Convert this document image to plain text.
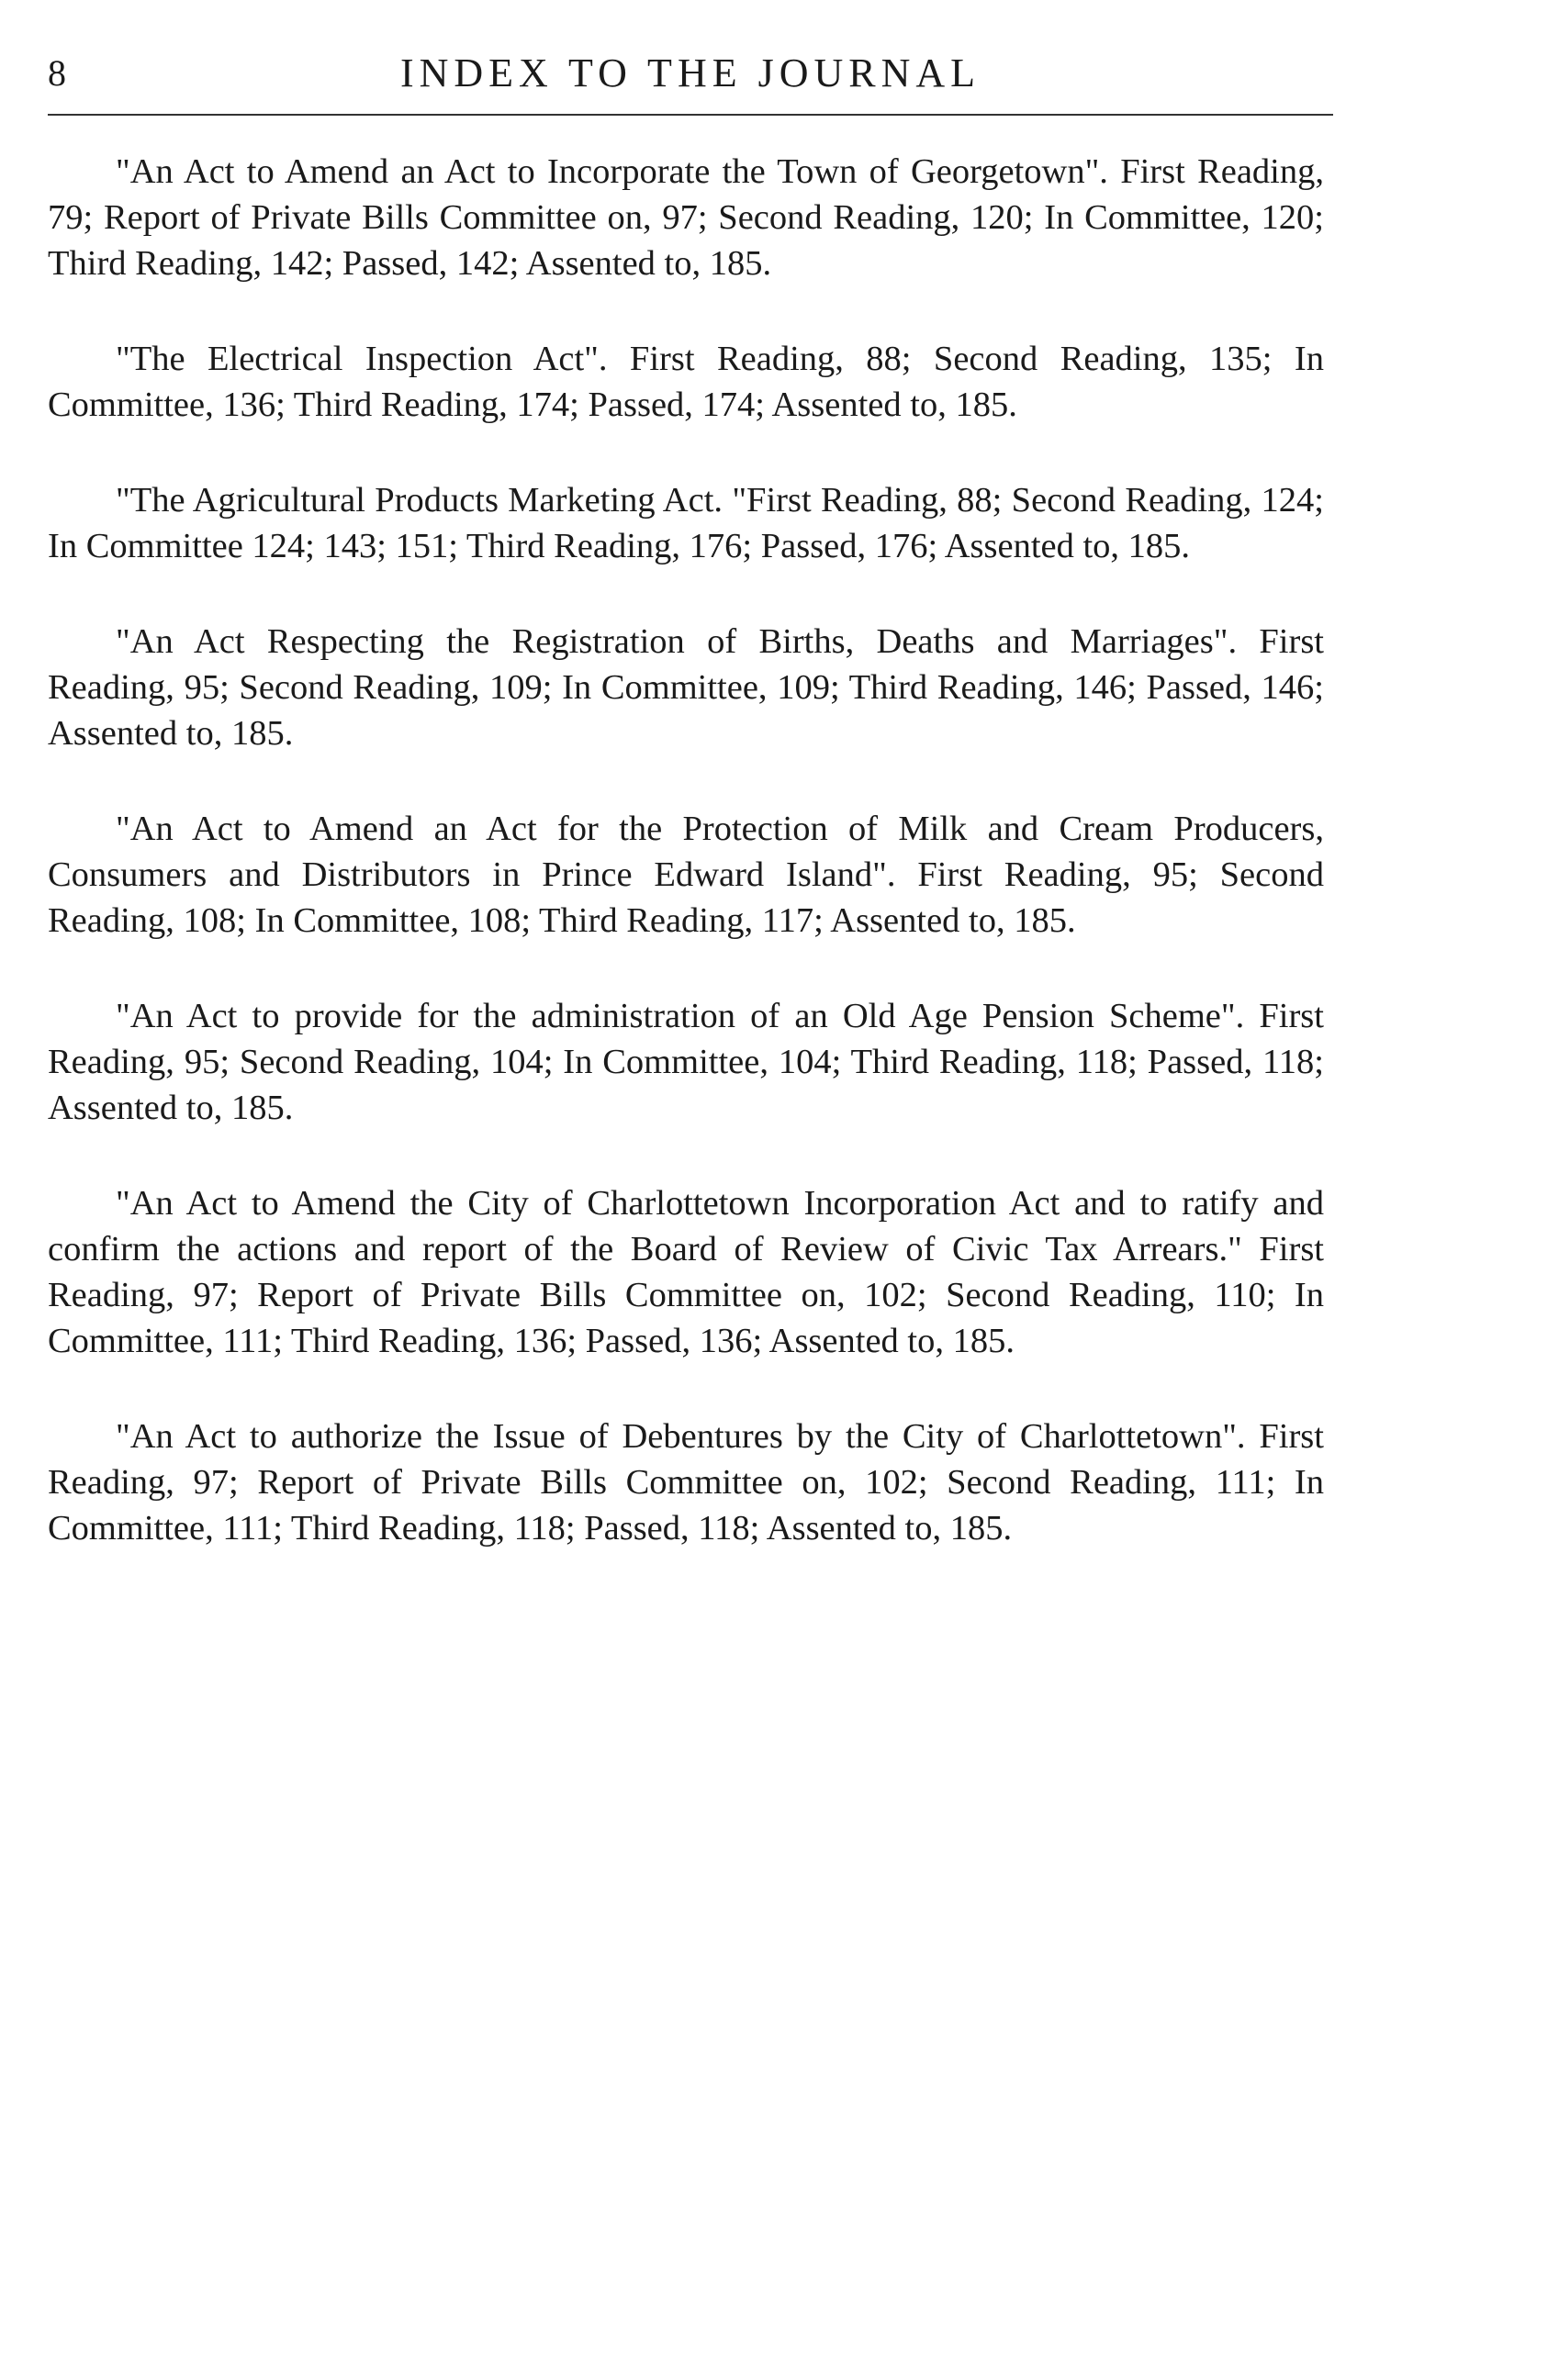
8	INDEX TO THE JOURNAL

"An Act to Amend an Act to Incorporate the Town of Georgetown". First Reading, 79; Report of Private Bills Committee on, 97; Second Reading, 120; In Committee, 120; Third Reading, 142; Passed, 142; Assented to, 185.

"The Electrical Inspection Act". First Reading, 88; Second Reading, 135; In Committee, 136; Third Reading, 174; Passed, 174; Assented to, 185.

"The Agricultural Products Marketing Act. "First Reading, 88; Second Reading, 124; In Committee 124; 143; 151; Third Reading, 176; Passed, 176; Assented to, 185.

"An Act Respecting the Registration of Births, Deaths and Marriages". First Reading, 95; Second Reading, 109; In Committee, 109; Third Reading, 146; Passed, 146; Assented to, 185.

"An Act to Amend an Act for the Protection of Milk and Cream Producers, Consumers and Distributors in Prince Edward Island". First Reading, 95; Second Reading, 108; In Committee, 108; Third Reading, 117; Assented to, 185.

"An Act to provide for the administration of an Old Age Pension Scheme". First Reading, 95; Second Reading, 104; In Committee, 104; Third Reading, 118; Passed, 118; Assented to, 185.

"An Act to Amend the City of Charlottetown Incorporation Act and to ratify and confirm the actions and report of the Board of Review of Civic Tax Arrears." First Reading, 97; Report of Private Bills Committee on, 102; Second Reading, 110; In Committee, 111; Third Reading, 136; Passed, 136; Assented to, 185.

"An Act to authorize the Issue of Debentures by the City of Charlottetown". First Reading, 97; Report of Private Bills Committee on, 102; Second Reading, 111; In Committee, 111; Third Reading, 118; Passed, 118; Assented to, 185.
